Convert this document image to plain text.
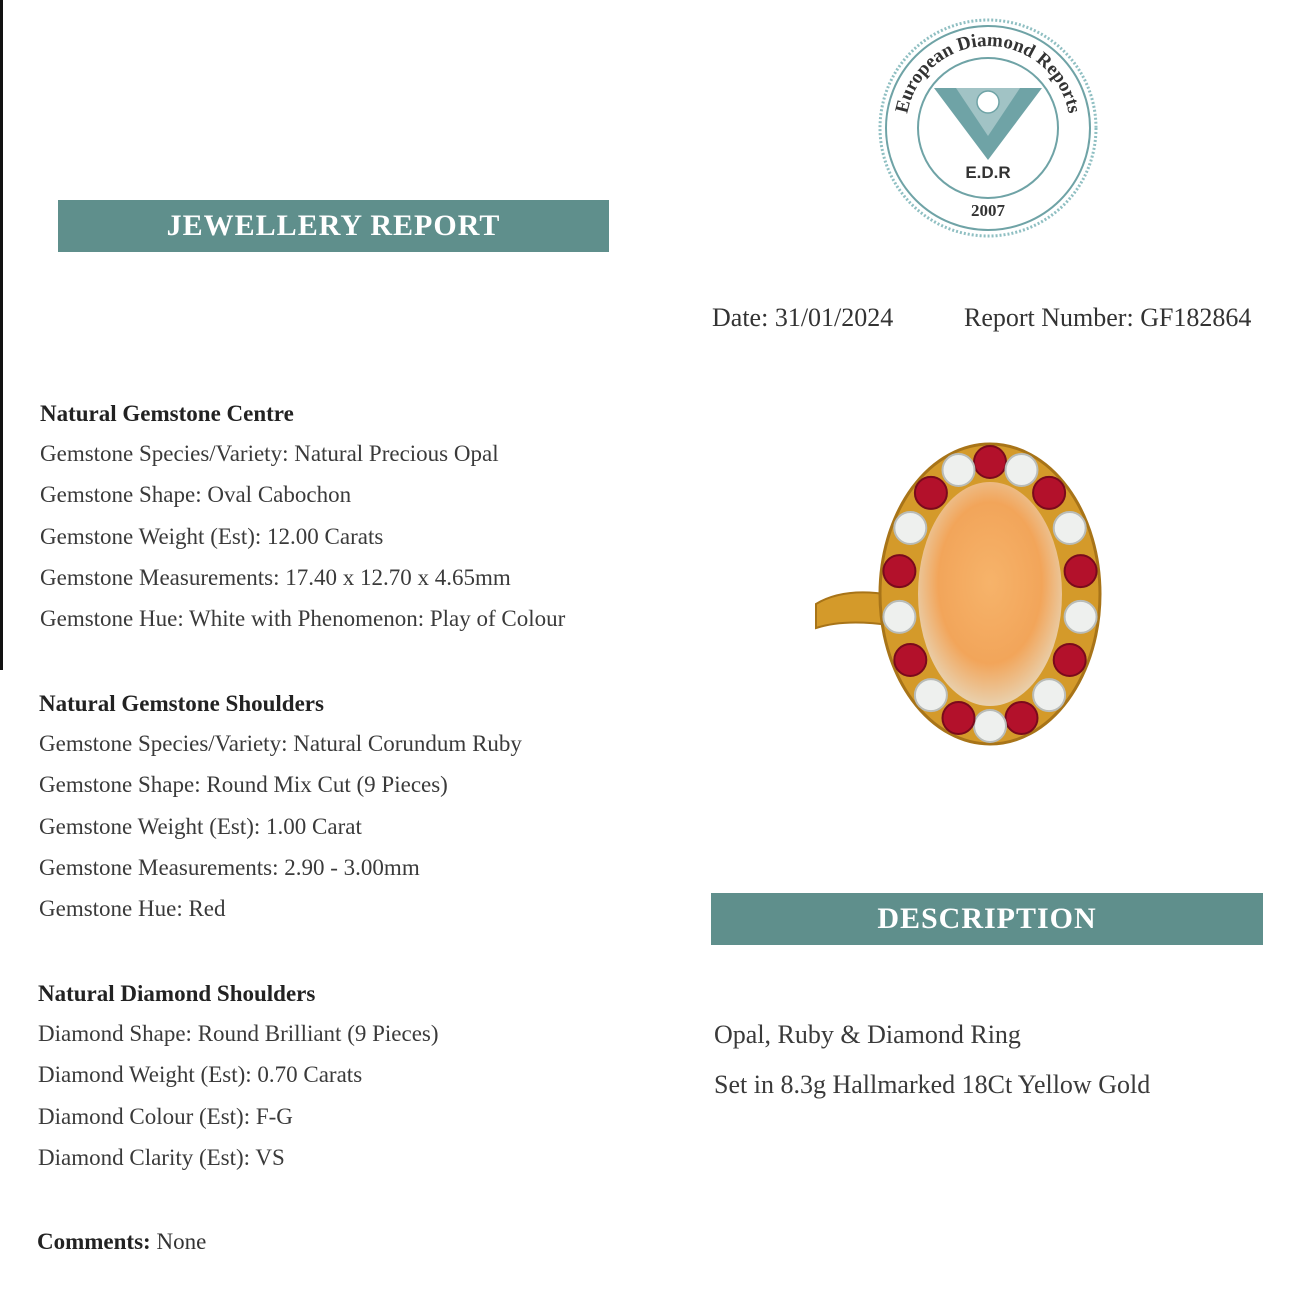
European Diamond Reports
E.D.R
2007
JEWELLERY REPORT
Date: 31/01/2024	Report Number: GF182864
Natural Gemstone Centre
Gemstone Species/Variety: Natural Precious Opal
Gemstone Shape: Oval Cabochon
Gemstone Weight (Est): 12.00 Carats
Gemstone Measurements: 17.40 x 12.70 x 4.65mm
Gemstone Hue: White with Phenomenon: Play of Colour
Natural Gemstone Shoulders
Gemstone Species/Variety: Natural Corundum Ruby
Gemstone Shape: Round Mix Cut (9 Pieces)
Gemstone Weight (Est): 1.00 Carat
Gemstone Measurements: 2.90 - 3.00mm
Gemstone Hue: Red
Natural Diamond Shoulders
Diamond Shape: Round Brilliant (9 Pieces)
Diamond Weight (Est): 0.70 Carats
Diamond Colour (Est): F-G
Diamond Clarity (Est): VS
Comments: None
DESCRIPTION
Opal, Ruby & Diamond Ring
Set in 8.3g Hallmarked 18Ct Yellow Gold
